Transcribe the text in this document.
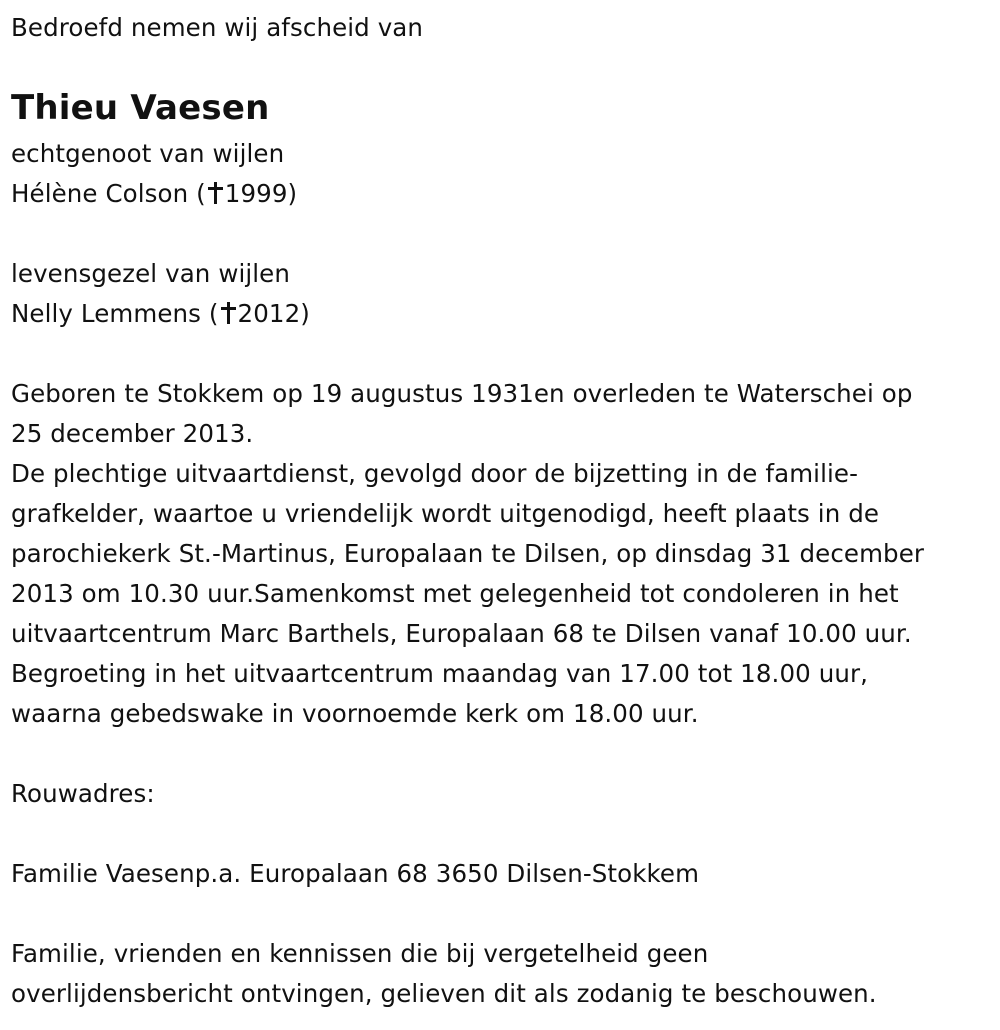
Bedroefd nemen wij afscheid van
Thieu Vaesen
echtgenoot van wijlen
Hélène Colson ( 1999)
levensgezel van wijlen
Nelly Lemmens ( 2012)
Geboren te Stokkem op 19 augustus 1931en overleden te Waterschei op
25 december 2013.
De plechtige uitvaartdienst, gevolgd door de bijzetting in de familie-
grafkelder, waartoe u vriendelijk wordt uitgenodigd, heeft plaats in de
parochiekerk St.-Martinus, Europalaan te Dilsen, op dinsdag 31 december
2013 om 10.30 uur.Samenkomst met gelegenheid tot condoleren in het
uitvaartcentrum Marc Barthels, Europalaan 68 te Dilsen vanaf 10.00 uur.
Begroeting in het uitvaartcentrum maandag van 17.00 tot 18.00 uur,
waarna gebedswake in voornoemde kerk om 18.00 uur.
Rouwadres:
Familie Vaesenp.a. Europalaan 68 3650 Dilsen-Stokkem
Familie, vrienden en kennissen die bij vergetelheid geen
overlijdensbericht ontvingen, gelieven dit als zodanig te beschouwen.
